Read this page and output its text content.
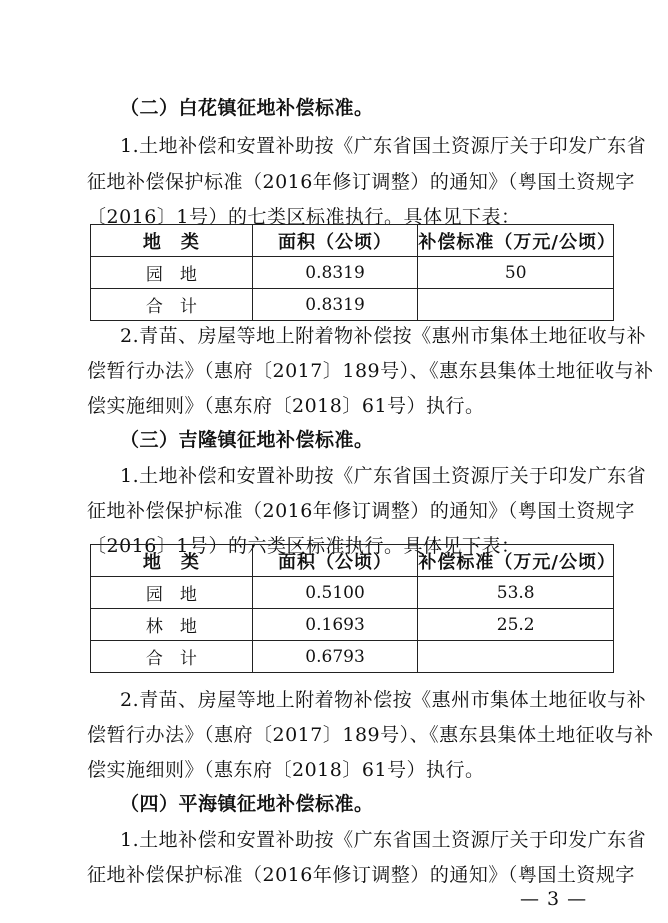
（二）白花镇征地补偿标准。
1.土地补偿和安置补助按《广东省国土资源厅关于印发广东省
征地补偿保护标准（2016年修订调整）的通知》（粤国土资规字
〔2016〕1号）的七类区标准执行。具体见下表：
地　类	面积（公顷）	补偿标准（万元/公顷）
园　地	0.8319	50
合　计	0.8319	
2.青苗、房屋等地上附着物补偿按《惠州市集体土地征收与补
偿暂行办法》（惠府〔2017〕189号）、《惠东县集体土地征收与补
偿实施细则》（惠东府〔2018〕61号）执行。
（三）吉隆镇征地补偿标准。
1.土地补偿和安置补助按《广东省国土资源厅关于印发广东省
征地补偿保护标准（2016年修订调整）的通知》（粤国土资规字
〔2016〕1号）的六类区标准执行。具体见下表：
地　类	面积（公顷）	补偿标准（万元/公顷）
园　地	0.5100	53.8
林　地	0.1693	25.2
合　计	0.6793	
2.青苗、房屋等地上附着物补偿按《惠州市集体土地征收与补
偿暂行办法》（惠府〔2017〕189号）、《惠东县集体土地征收与补
偿实施细则》（惠东府〔2018〕61号）执行。
（四）平海镇征地补偿标准。
1.土地补偿和安置补助按《广东省国土资源厅关于印发广东省
征地补偿保护标准（2016年修订调整）的通知》（粤国土资规字
— 3 —
